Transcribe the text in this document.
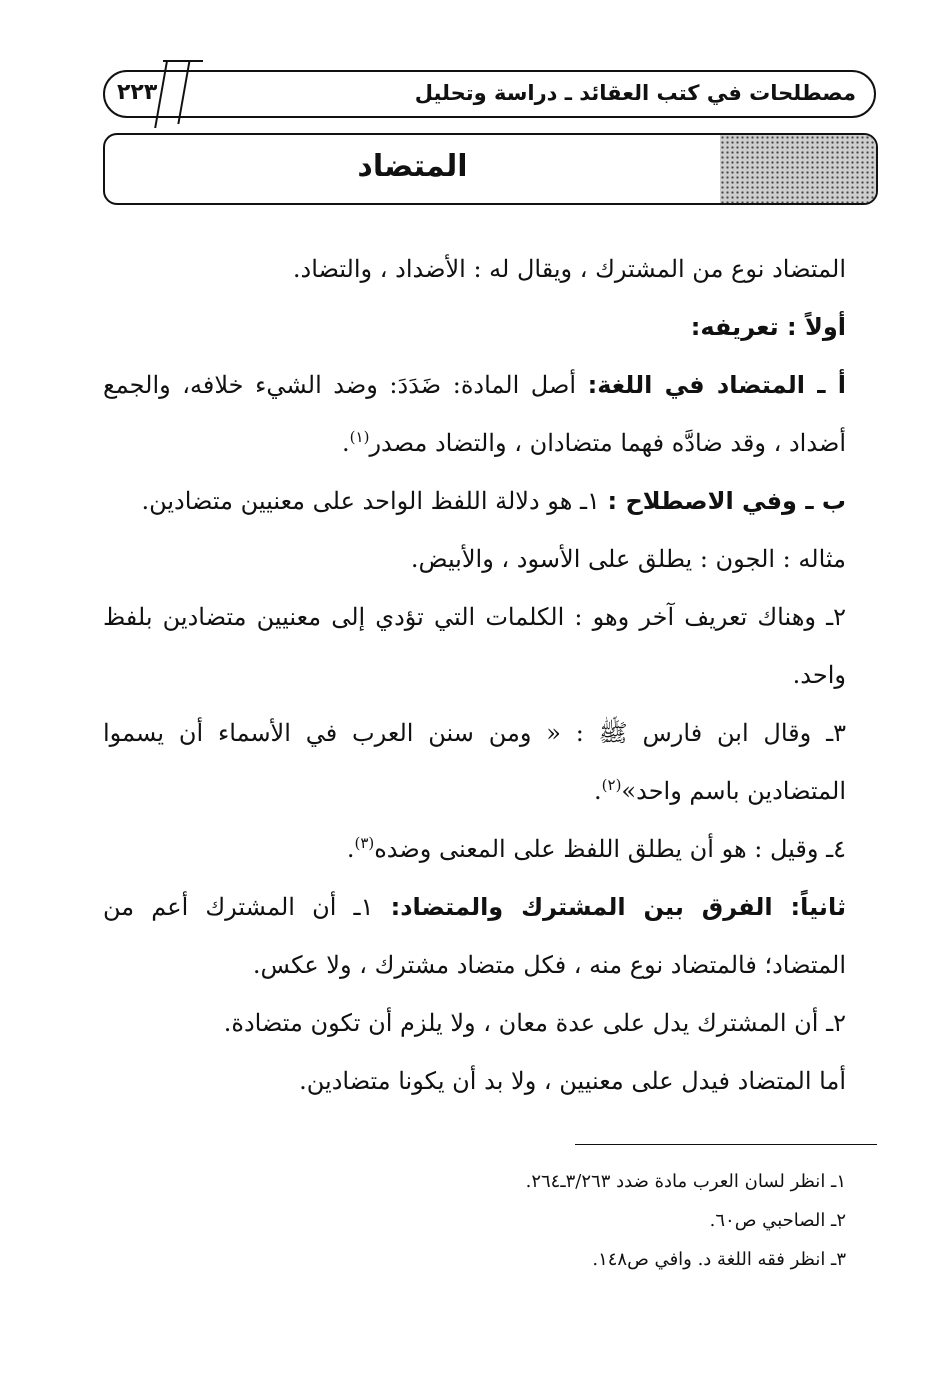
مصطلحات في كتب العقائد ـ دراسة وتحليل
٢٢٣
المتضاد

المتضاد نوع من المشترك ، ويقال له : الأضداد ، والتضاد.

أولاً : تعريفه:

أ ـ المتضاد في اللغة: أصل المادة: ضَدَدَ: وضد الشيء خلافه، والجمع أضداد ، وقد ضادَّه فهما متضادان ، والتضاد مصدر$^{(١)}$.

ب ـ وفي الاصطلاح : ١ـ هو دلالة اللفظ الواحد على معنيين متضادين.

مثاله : الجون : يطلق على الأسود ، والأبيض.

٢ـ وهناك تعريف آخر وهو : الكلمات التي تؤدي إلى معنيين متضادين بلفظ واحد.

٣ـ وقال ابن فارس ﷺ : « ومن سنن العرب في الأسماء أن يسموا المتضادين باسم واحد»$^{(٢)}$.

٤ـ وقيل : هو أن يطلق اللفظ على المعنى وضده$^{(٣)}$.

ثانياً: الفرق بين المشترك والمتضاد: ١ـ أن المشترك أعم من المتضاد؛ فالمتضاد نوع منه ، فكل متضاد مشترك ، ولا عكس.

٢ـ أن المشترك يدل على عدة معان ، ولا يلزم أن تكون متضادة.

أما المتضاد فيدل على معنيين ، ولا بد أن يكونا متضادين.

١ـ انظر لسان العرب مادة ضدد ٣/٢٦٣ـ٢٦٤.

٢ـ الصاحبي ص٦٠.

٣ـ انظر فقه اللغة د. وافي ص١٤٨.
